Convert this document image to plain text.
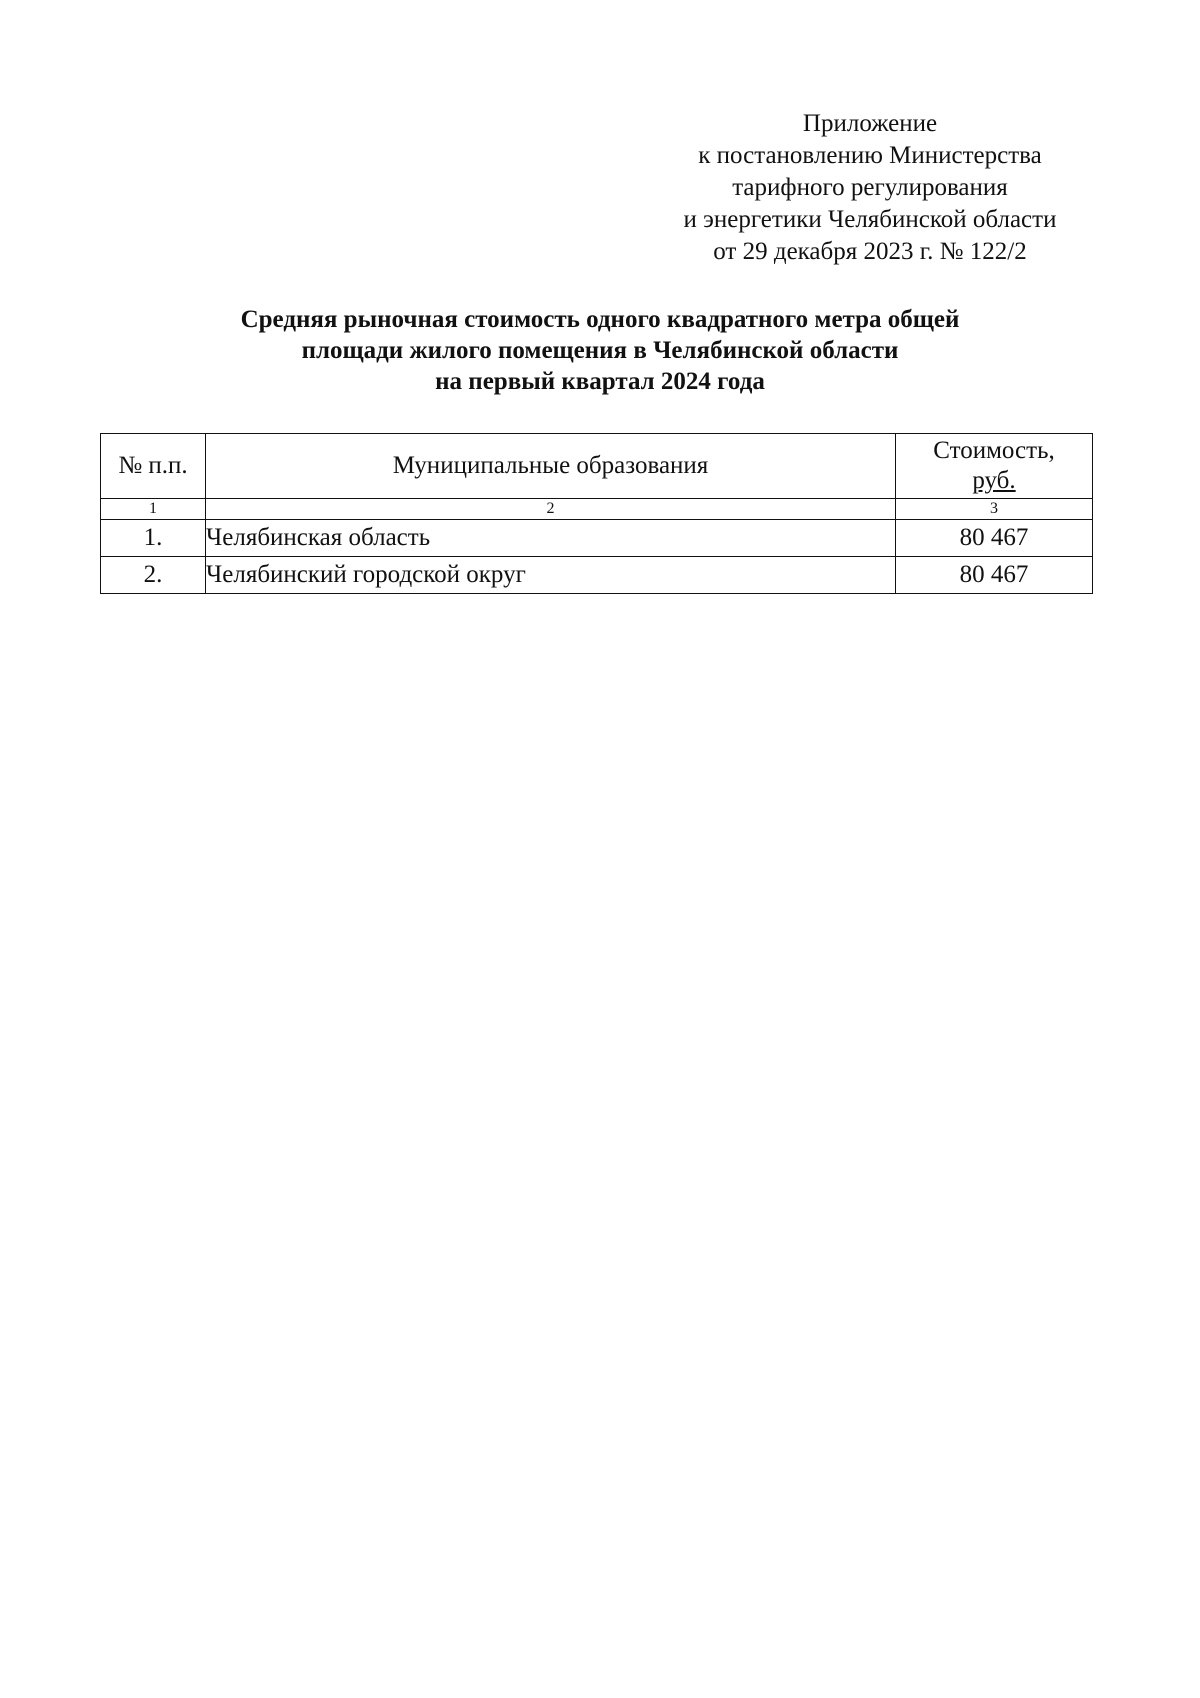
Приложение
к постановлению Министерства
тарифного регулирования
и энергетики Челябинской области
от 29 декабря 2023 г. № 122/2
Средняя рыночная стоимость одного квадратного метра общей
площади жилого помещения в Челябинской области
на первый квартал 2024 года
№ п.п.	Муниципальные образования	Стоимость,
руб.

1	2	3
1.	Челябинская область	80 467
2.	Челябинский городской округ	80 467
